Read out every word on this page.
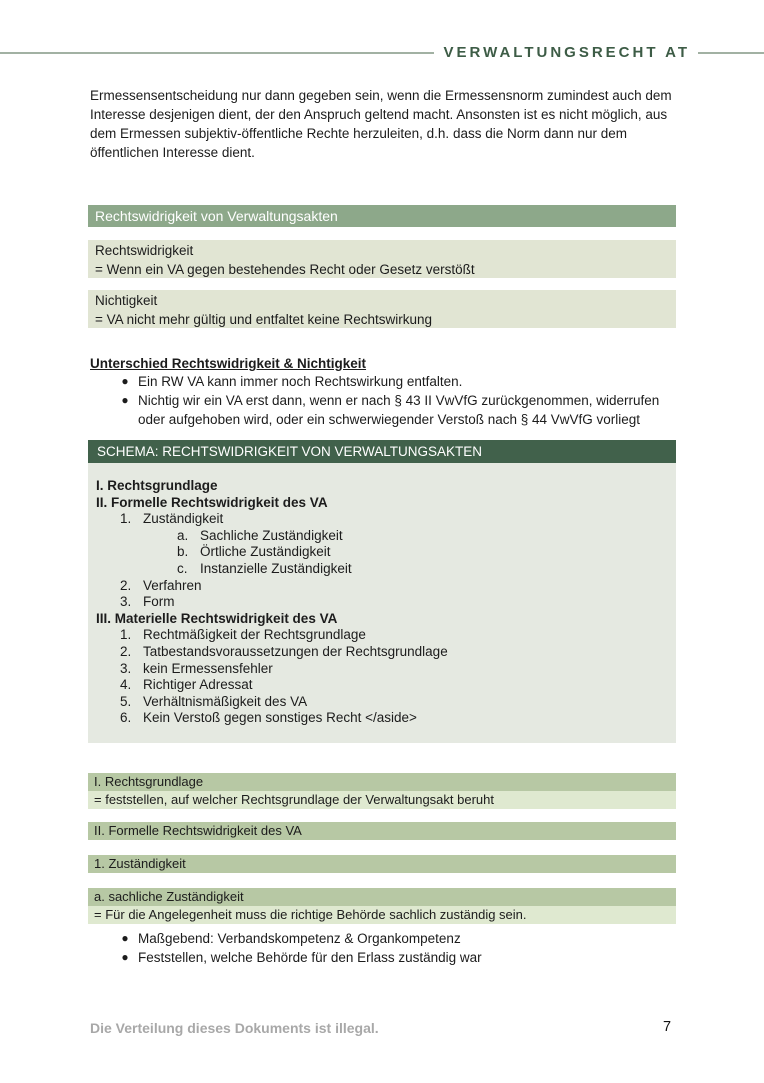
VERWALTUNGSRECHT AT

Ermessensentscheidung nur dann gegeben sein, wenn die Ermessensnorm zumindest auch dem Interesse desjenigen dient, der den Anspruch geltend macht. Ansonsten ist es nicht möglich, aus dem Ermessen subjektiv-öffentliche Rechte herzuleiten, d.h. dass die Norm dann nur dem öffentlichen Interesse dient.

Rechtswidrigkeit von Verwaltungsakten
Rechtswidrigkeit
= Wenn ein VA gegen bestehendes Recht oder Gesetz verstößt
Nichtigkeit
= VA nicht mehr gültig und entfaltet keine Rechtswirkung
Unterschied Rechtswidrigkeit & Nichtigkeit
● Ein RW VA kann immer noch Rechtswirkung entfalten.
● Nichtig wir ein VA erst dann, wenn er nach § 43 II VwVfG zurückgenommen, widerrufen oder aufgehoben wird, oder ein schwerwiegender Verstoß nach § 44 VwVfG vorliegt
SCHEMA: RECHTSWIDRIGKEIT VON VERWALTUNGSAKTEN
I. Rechtsgrundlage
II. Formelle Rechtswidrigkeit des VA
1. Zuständigkeit
a. Sachliche Zuständigkeit
b. Örtliche Zuständigkeit
c. Instanzielle Zuständigkeit
2. Verfahren
3. Form
III. Materielle Rechtswidrigkeit des VA
1. Rechtmäßigkeit der Rechtsgrundlage
2. Tatbestandsvoraussetzungen der Rechtsgrundlage
3. kein Ermessensfehler
4. Richtiger Adressat
5. Verhältnismäßigkeit des VA
6. Kein Verstoß gegen sonstiges Recht </aside>
I. Rechtsgrundlage
= feststellen, auf welcher Rechtsgrundlage der Verwaltungsakt beruht
II. Formelle Rechtswidrigkeit des VA
1. Zuständigkeit
a. sachliche Zuständigkeit
= Für die Angelegenheit muss die richtige Behörde sachlich zuständig sein.
● Maßgebend: Verbandskompetenz & Organkompetenz
● Feststellen, welche Behörde für den Erlass zuständig war
Die Verteilung dieses Dokuments ist illegal.	7
